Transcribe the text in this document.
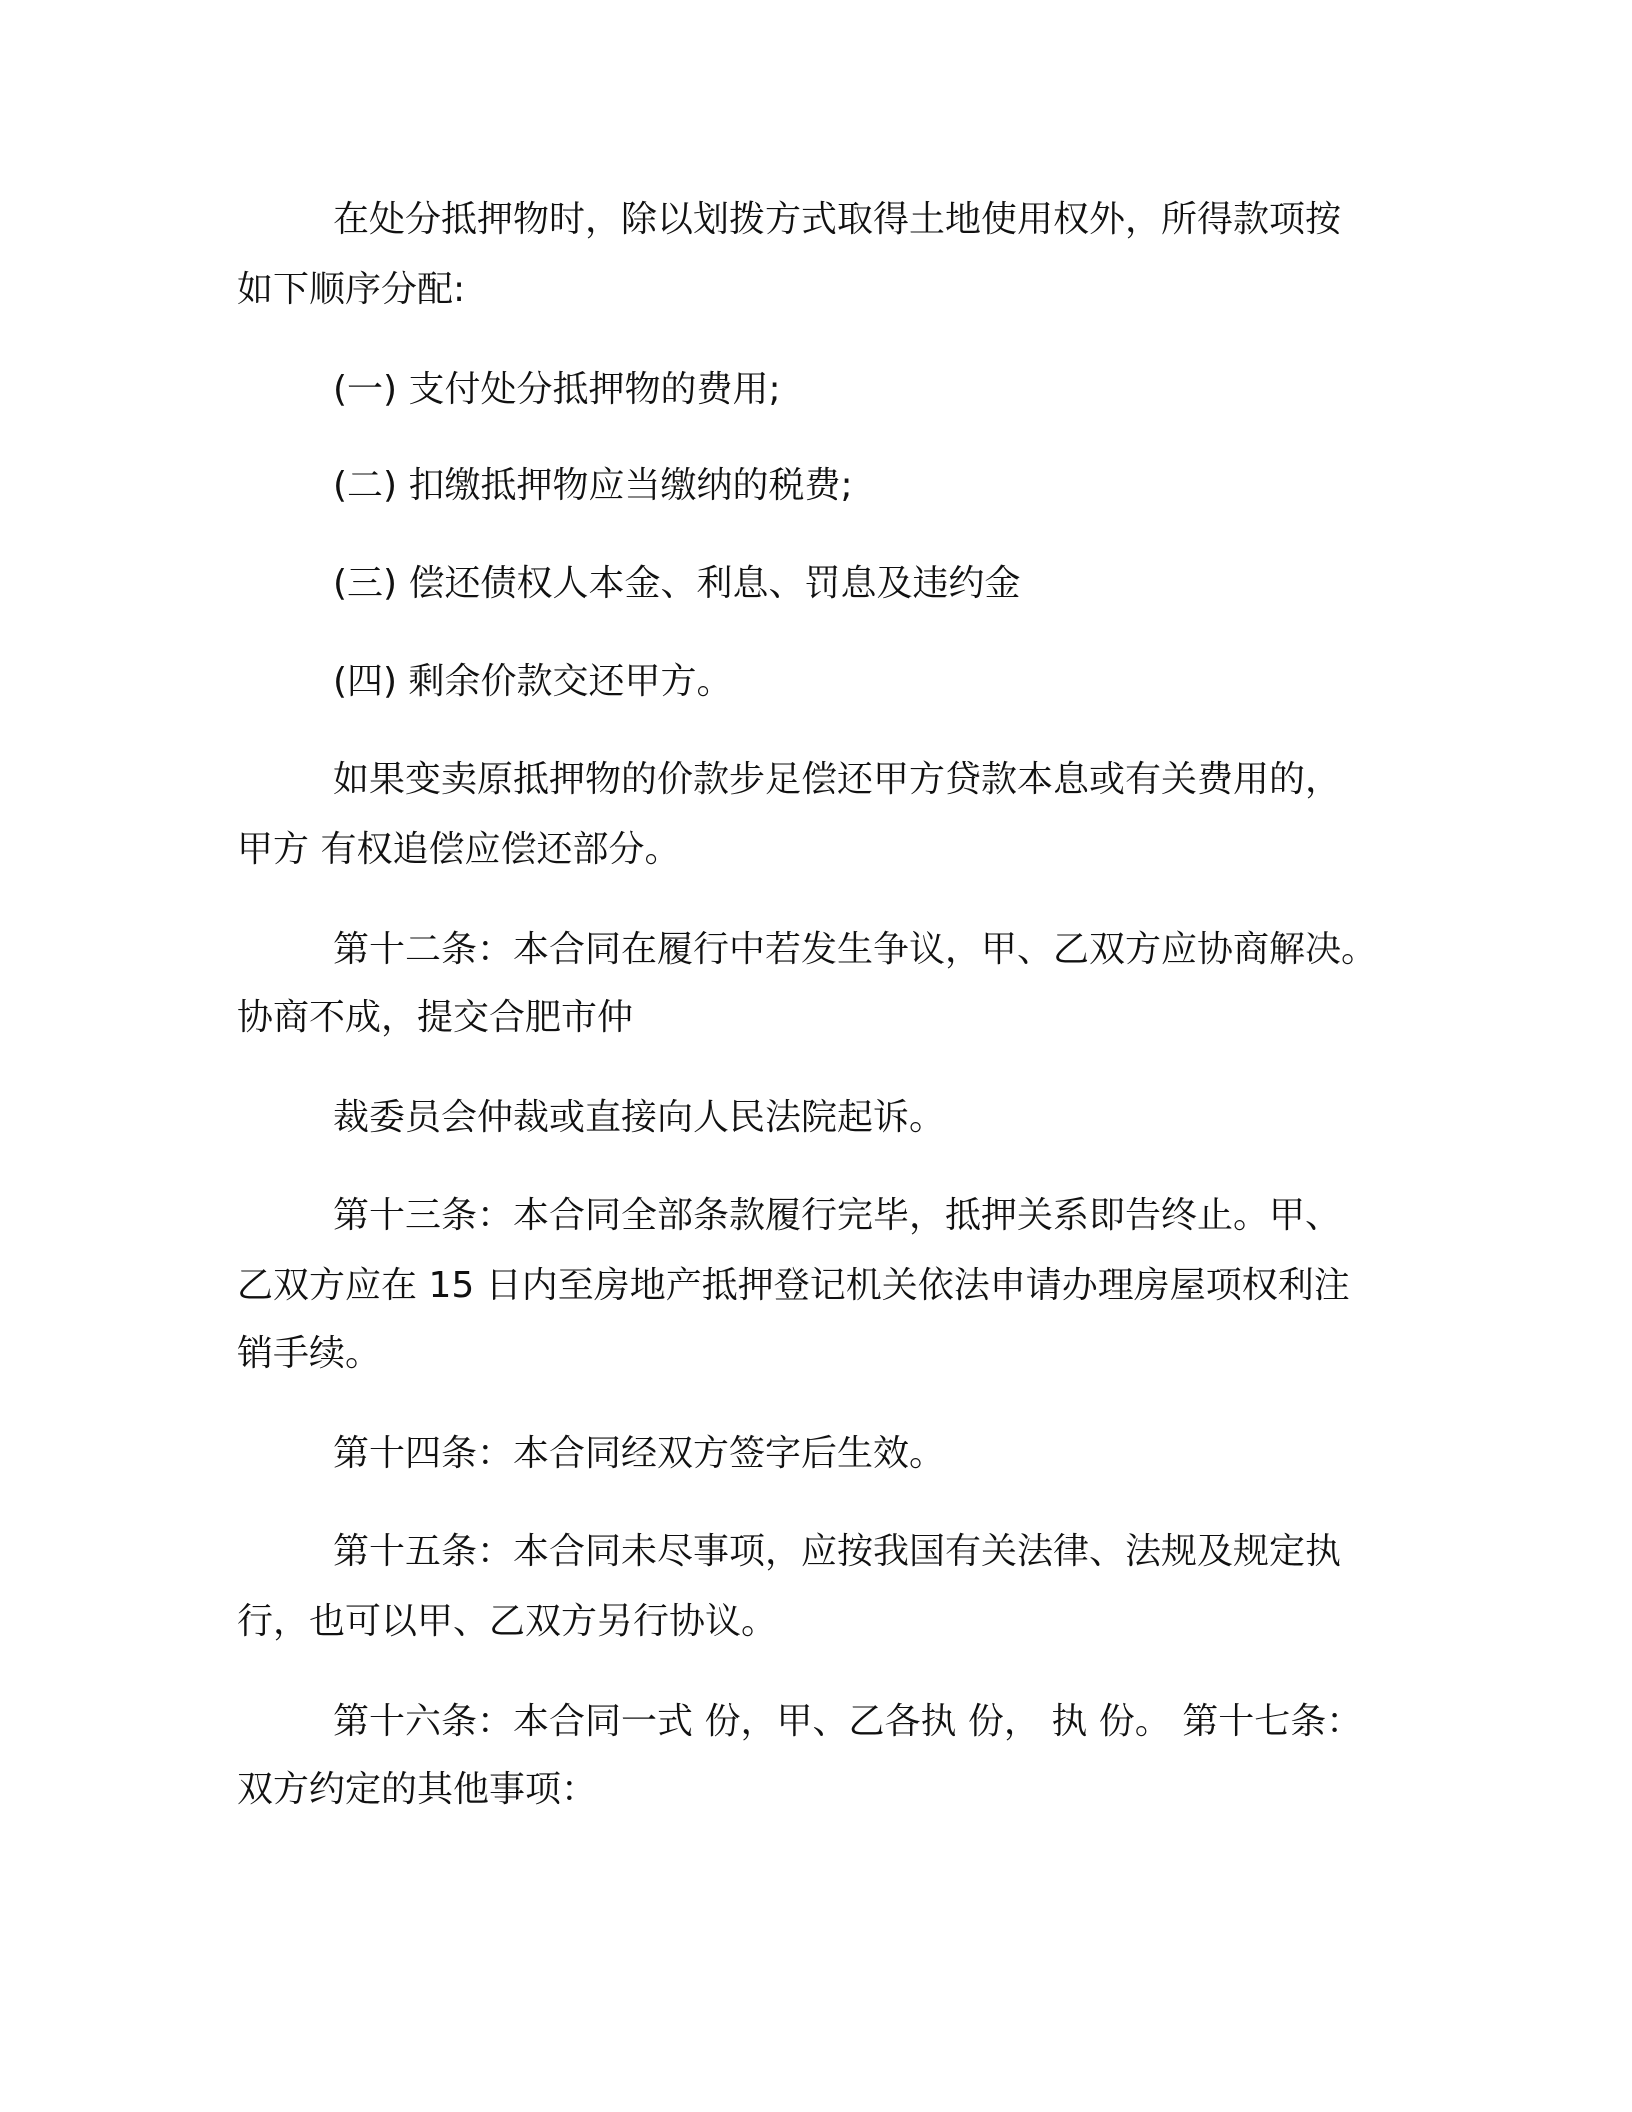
在处分抵押物时，除以划拨方式取得土地使用权外，所得款项按
如下顺序分配:
(一) 支付处分抵押物的费用;
(二) 扣缴抵押物应当缴纳的税费;
(三) 偿还债权人本金、利息、罚息及违约金
(四) 剩余价款交还甲方。
如果变卖原抵押物的价款步足偿还甲方贷款本息或有关费用的，
甲方 有权追偿应偿还部分。
第十二条：本合同在履行中若发生争议，甲、乙双方应协商解决。
协商不成，提交合肥市仲
裁委员会仲裁或直接向人民法院起诉。
第十三条：本合同全部条款履行完毕，抵押关系即告终止。甲、
乙双方应在 15 日内至房地产抵押登记机关依法申请办理房屋项权利注
销手续。
第十四条：本合同经双方签字后生效。
第十五条：本合同未尽事项，应按我国有关法律、法规及规定执
行，也可以甲、乙双方另行协议。
第十六条：本合同一式 份，甲、乙各执 份， 执 份。 第十七条：
双方约定的其他事项：
